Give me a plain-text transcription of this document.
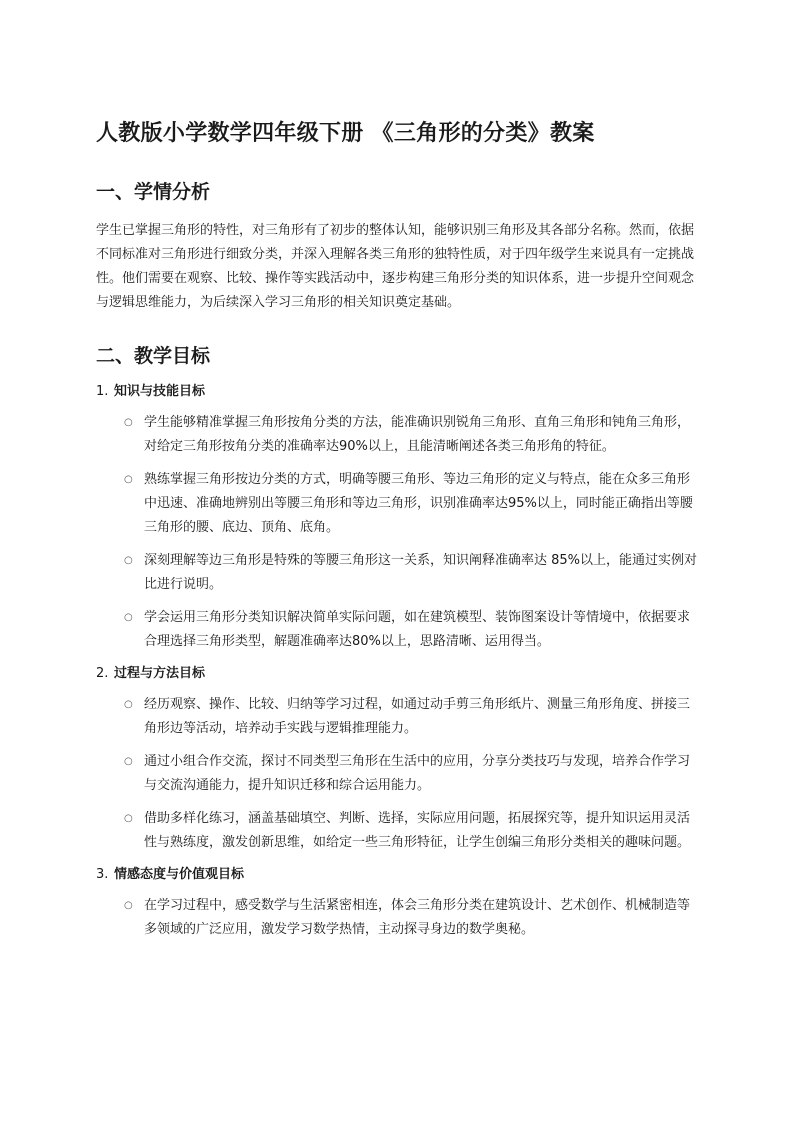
人教版小学数学四年级下册 《三角形的分类》教案
一、学情分析

学生已掌握三角形的特性，对三角形有了初步的整体认知，能够识别三角形及其各部分名称。然而，依据不同标准对三角形进行细致分类，并深入理解各类三角形的独特性质，对于四年级学生来说具有一定挑战性。他们需要在观察、比较、操作等实践活动中，逐步构建三角形分类的知识体系，进一步提升空间观念与逻辑思维能力，为后续深入学习三角形的相关知识奠定基础。

二、教学目标
1. 知识与技能目标
○ 学生能够精准掌握三角形按角分类的方法，能准确识别锐角三角形、直角三角形和钝角三角形，对给定三角形按角分类的准确率达90%以上，且能清晰阐述各类三角形角的特征。
○ 熟练掌握三角形按边分类的方式，明确等腰三角形、等边三角形的定义与特点，能在众多三角形中迅速、准确地辨别出等腰三角形和等边三角形，识别准确率达95%以上，同时能正确指出等腰三角形的腰、底边、顶角、底角。
○ 深刻理解等边三角形是特殊的等腰三角形这一关系，知识阐释准确率达 85%以上，能通过实例对比进行说明。
○ 学会运用三角形分类知识解决简单实际问题，如在建筑模型、装饰图案设计等情境中，依据要求合理选择三角形类型，解题准确率达80%以上，思路清晰、运用得当。
2. 过程与方法目标
○ 经历观察、操作、比较、归纳等学习过程，如通过动手剪三角形纸片、测量三角形角度、拼接三角形边等活动，培养动手实践与逻辑推理能力。
○ 通过小组合作交流，探讨不同类型三角形在生活中的应用，分享分类技巧与发现，培养合作学习与交流沟通能力，提升知识迁移和综合运用能力。
○ 借助多样化练习，涵盖基础填空、判断、选择，实际应用问题，拓展探究等，提升知识运用灵活性与熟练度，激发创新思维，如给定一些三角形特征，让学生创编三角形分类相关的趣味问题。
3. 情感态度与价值观目标
○ 在学习过程中，感受数学与生活紧密相连，体会三角形分类在建筑设计、艺术创作、机械制造等多领域的广泛应用，激发学习数学热情，主动探寻身边的数学奥秘。
